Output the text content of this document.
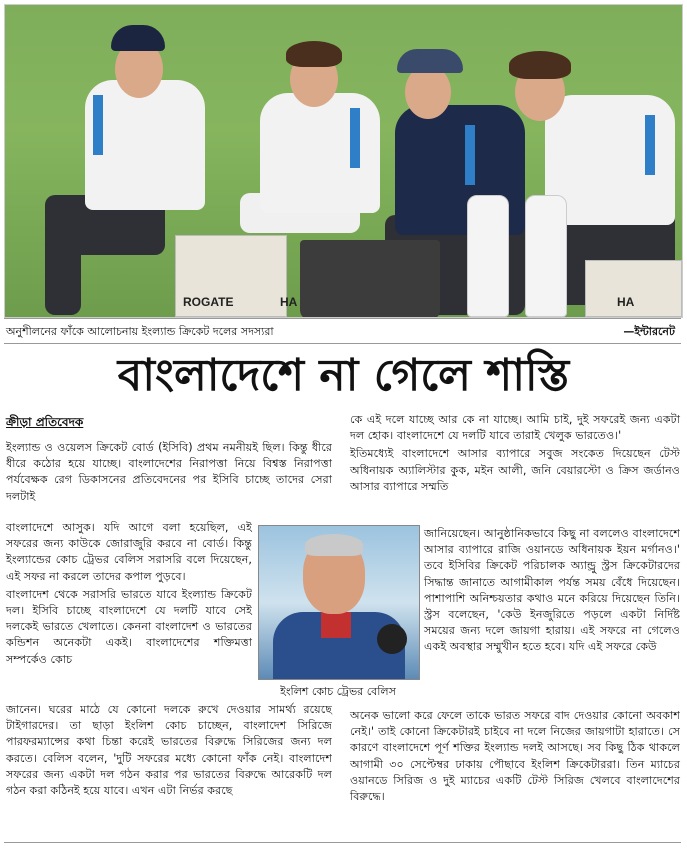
ROGATE	HA	HA
অনুশীলনের ফাঁকে আলোচনায় ইংল্যান্ড ক্রিকেট দলের সদস্যরা	—ইন্টারনেট
বাংলাদেশে না গেলে শাস্তি
ক্রীড়া প্রতিবেদক

ইংল্যান্ড ও ওয়েলস ক্রিকেট বোর্ড (ইসিবি) প্রথম নমনীয়ই ছিল। কিন্তু ধীরে ধীরে কঠোর হয়ে যাচ্ছে। বাংলাদেশের নিরাপত্তা নিয়ে বিশ্বস্ত নিরাপত্তা পর্যবেক্ষক রেগ ডিকাসনের প্রতিবেদনের পর ইসিবি চাচ্ছে তাদের সেরা দলটাই

বাংলাদেশে আসুক। যদি আগে বলা হয়েছিল, এই সফরের জন্য কাউকে জোরাজুরি করবে না বোর্ড। কিন্তু ইংল্যান্ডের কোচ ট্রেভর বেলিস সরাসরি বলে দিয়েছেন, এই সফর না করলে তাদের কপাল পুড়বে।

বাংলাদেশ থেকে সরাসরি ভারতে যাবে ইংল্যান্ড ক্রিকেট দল। ইসিবি চাচ্ছে বাংলাদেশে যে দলটি যাবে সেই দলকেই ভারতে খেলাতে। কেননা বাংলাদেশ ও ভারতের কন্ডিশন অনেকটা একই। বাংলাদেশের শক্তিমত্তা সম্পর্কেও কোচ

জানেন। ঘরের মাঠে যে কোনো দলকে রুখে দেওয়ার সামর্থ্য রয়েছে টাইগারদের। তা ছাড়া ইংলিশ কোচ চাচ্ছেন, বাংলাদেশ সিরিজে পারফরম্যান্সের কথা চিন্তা করেই ভারতের বিরুদ্ধে সিরিজের জন্য দল করতে। বেলিস বলেন, 'দুটি সফরের মধ্যে কোনো ফাঁক নেই। বাংলাদেশ সফরের জন্য একটা দল গঠন করার পর ভারতের বিরুদ্ধে আরেকটি দল গঠন করা কঠিনই হয়ে যাবে। এখন এটা নির্ভর করছে

কে এই দলে যাচ্ছে আর কে না যাচ্ছে। আমি চাই, দুই সফরেই জন্য একটা দল হোক। বাংলাদেশে যে দলটি যাবে তারাই খেলুক ভারতেও।'

ইতিমধ্যেই বাংলাদেশে আসার ব্যাপারে সবুজ সংকেত দিয়েছেন টেস্ট অধিনায়ক অ্যালিস্টার কুক, মইন আলী, জনি বেয়ারস্টো ও ক্রিস জর্ডানও আসার ব্যাপারে সম্মতি

জানিয়েছেন। আনুষ্ঠানিকভাবে কিছু না বললেও বাংলাদেশে আসার ব্যাপারে রাজি ওয়ানডে অধিনায়ক ইয়ন মর্গানও।' তবে ইসিবির ক্রিকেট পরিচালক অ্যান্ড্রু স্ট্রস ক্রিকেটারদের সিদ্ধান্ত জানাতে আগামীকাল পর্যন্ত সময় বেঁধে দিয়েছেন। পাশাপাশি অনিশ্চয়তার কথাও মনে করিয়ে দিয়েছেন তিনি। স্ট্রস বলেছেন, 'কেউ ইনজুরিতে পড়লে একটা নির্দিষ্ট সময়ের জন্য দলে জায়গা হারায়। এই সফরে না গেলেও একই অবস্থার সম্মুখীন হতে হবে। যদি এই সফরে কেউ

অনেক ভালো করে ফেলে তাকে ভারত সফরে বাদ দেওয়ার কোনো অবকাশ নেই।' তাই কোনো ক্রিকেটারই চাইবে না দলে নিজের জায়গাটা হারাতে। সে কারণে বাংলাদেশে পূর্ণ শক্তির ইংল্যান্ড দলই আসছে। সব কিছু ঠিক থাকলে আগামী ৩০ সেপ্টেম্বর ঢাকায় পৌছাবে ইংলিশ ক্রিকেটাররা। তিন ম্যাচের ওয়ানডে সিরিজ ও দুই ম্যাচের একটি টেস্ট সিরিজ খেলবে বাংলাদেশের বিরুদ্ধে।

ইংলিশ কোচ ট্রেভর বেলিস
